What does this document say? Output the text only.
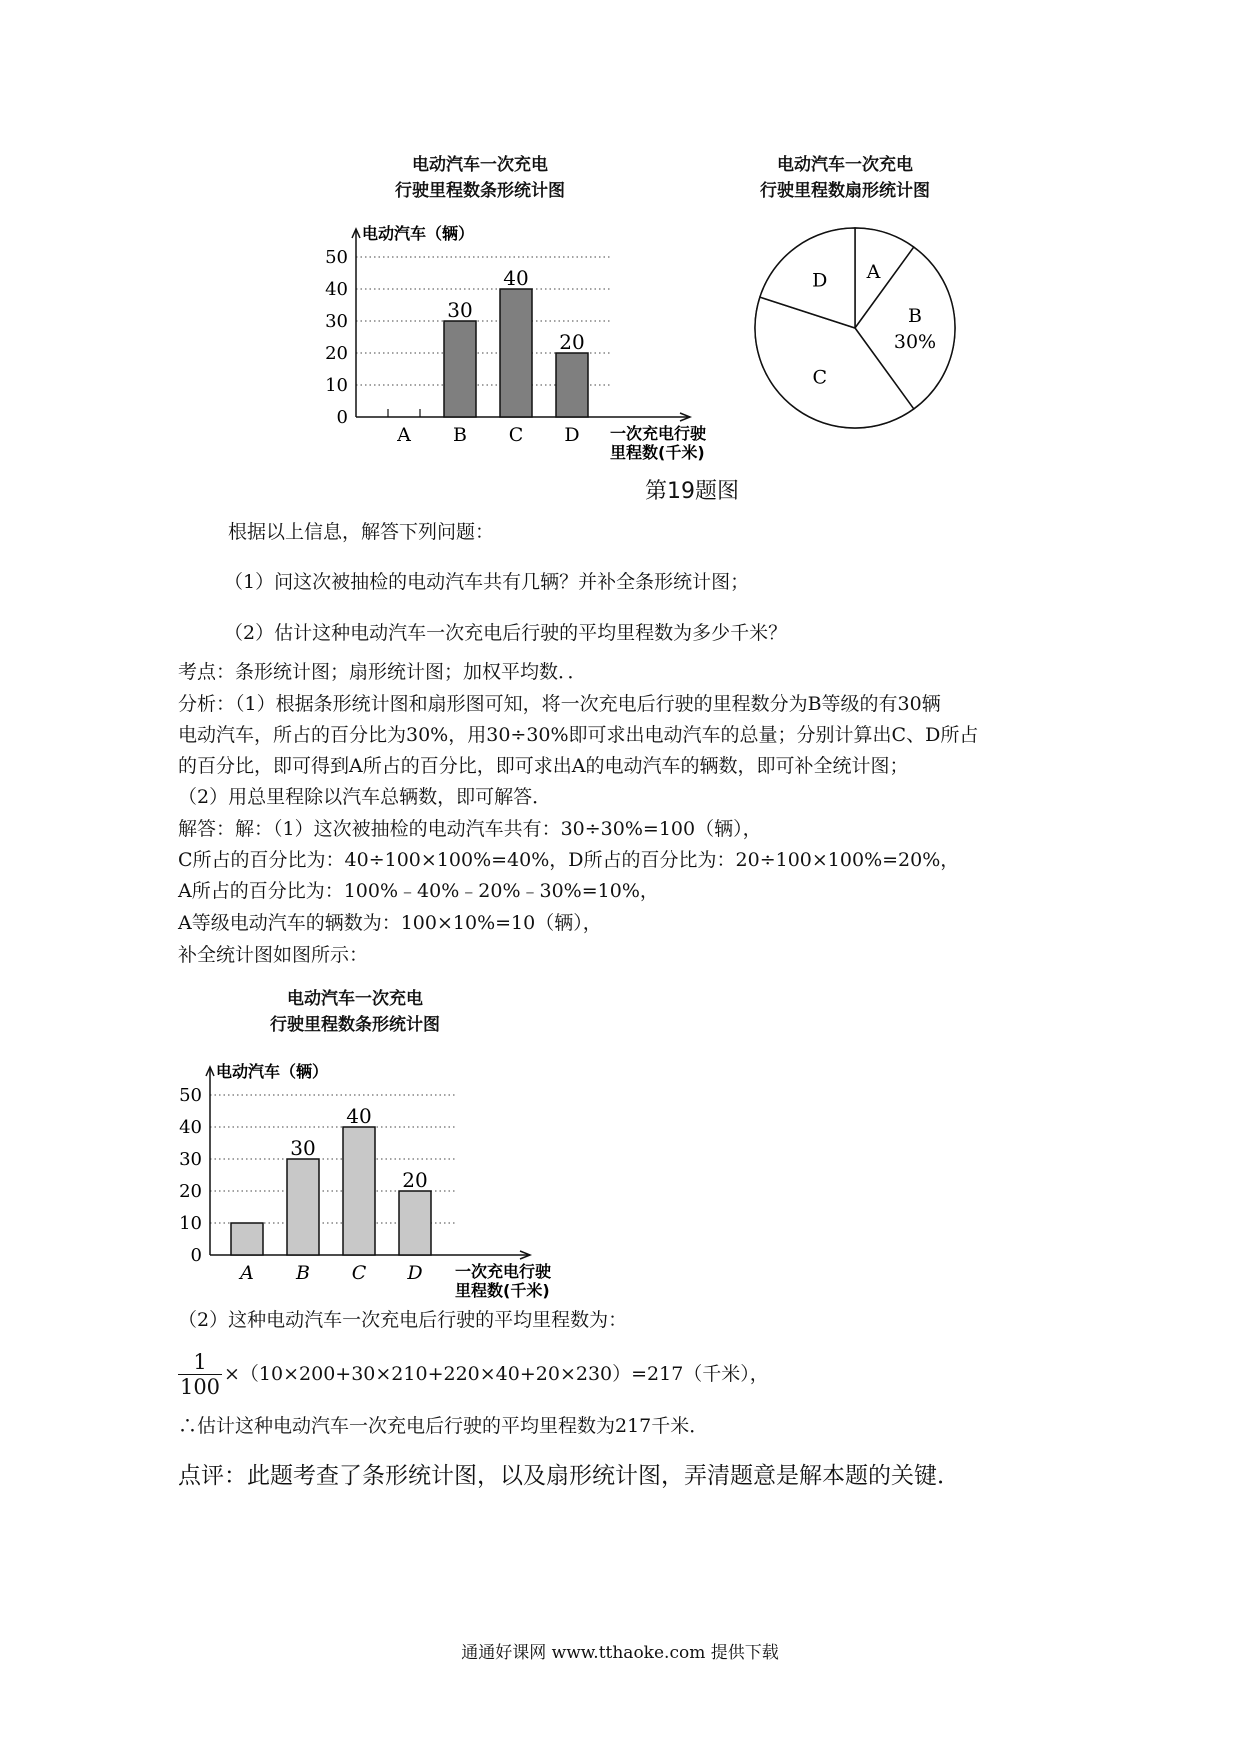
电动汽车一次充电
行驶里程数条形统计图
0
10
20
30
40
50
电动汽车（辆）
一次充电行驶
里程数(千米)
A
30
B
40
C
20
D
电动汽车一次充电
行驶里程数扇形统计图
A
B
30%
C
D
第19题图
根据以上信息，解答下列问题：
（1）问这次被抽检的电动汽车共有几辆？并补全条形统计图；
（2）估计这种电动汽车一次充电后行驶的平均里程数为多少千米？
考点：条形统计图；扇形统计图；加权平均数．．
分析：（1）根据条形统计图和扇形图可知，将一次充电后行驶的里程数分为B等级的有30辆
电动汽车，所占的百分比为30%，用30÷30%即可求出电动汽车的总量；分别计算出C、D所占
的百分比，即可得到A所占的百分比，即可求出A的电动汽车的辆数，即可补全统计图；
（2）用总里程除以汽车总辆数，即可解答．
解答：解：（1）这次被抽检的电动汽车共有：30÷30%=100（辆），
C所占的百分比为：40÷100×100%=40%，D所占的百分比为：20÷100×100%=20%，
A所占的百分比为：100%﹣40%﹣20%﹣30%=10%，
A等级电动汽车的辆数为：100×10%=10（辆），
补全统计图如图所示：
电动汽车一次充电
行驶里程数条形统计图
0
10
20
30
40
50
电动汽车（辆）
一次充电行驶
里程数(千米)
A
30
B
40
C
20
D
（2）这种电动汽车一次充电后行驶的平均里程数为：
$\frac{1}{100} \times(10\times 200+30\times 210+220\times 40+20\times 230)=217$（千米），
∴估计这种电动汽车一次充电后行驶的平均里程数为217千米．
点评：此题考查了条形统计图，以及扇形统计图，弄清题意是解本题的关键．
通通好课网 www.tthaoke.com 提供下载
